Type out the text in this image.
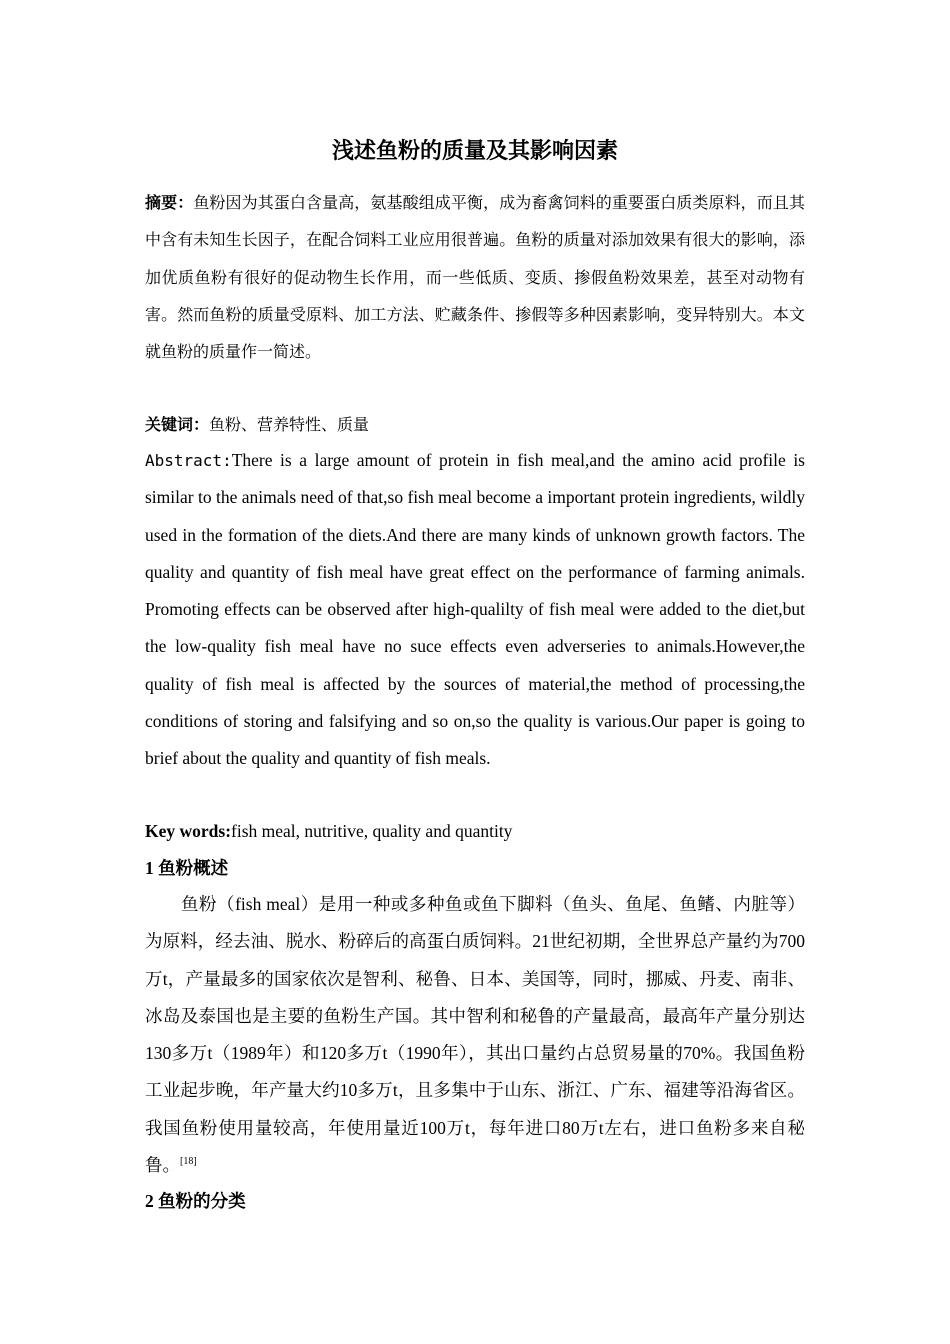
浅述鱼粉的质量及其影响因素

摘要：鱼粉因为其蛋白含量高，氨基酸组成平衡，成为畜禽饲料的重要蛋白质类原料，而且其中含有未知生长因子，在配合饲料工业应用很普遍。鱼粉的质量对添加效果有很大的影响，添加优质鱼粉有很好的促动物生长作用，而一些低质、变质、掺假鱼粉效果差，甚至对动物有害。然而鱼粉的质量受原料、加工方法、贮藏条件、掺假等多种因素影响，变异特别大。本文就鱼粉的质量作一简述。

关键词：鱼粉、营养特性、质量

Abstract:There is a large amount of protein in fish meal,and the amino acid profile is similar to the animals need of that,so fish meal become a important protein ingredients, wildly used in the formation of the diets.And there are many kinds of unknown growth factors. The quality and quantity of fish meal have great effect on the performance of farming animals. Promoting effects can be observed after high-qualilty of fish meal were added to the diet,but the low-quality fish meal have no suce effects even adverseries to animals.However,the quality of fish meal is affected by the sources of material,the method of processing,the conditions of storing and falsifying and so on,so the quality is various.Our paper is going to brief about the quality and quantity of fish meals.

Key words:fish meal, nutritive, quality and quantity

1 鱼粉概述

鱼粉（fish meal）是用一种或多种鱼或鱼下脚料（鱼头、鱼尾、鱼鳍、内脏等）为原料，经去油、脱水、粉碎后的高蛋白质饲料。21世纪初期，全世界总产量约为700万t，产量最多的国家依次是智利、秘鲁、日本、美国等，同时，挪威、丹麦、南非、冰岛及泰国也是主要的鱼粉生产国。其中智利和秘鲁的产量最高，最高年产量分别达130多万t（1989年）和120多万t（1990年），其出口量约占总贸易量的70%。我国鱼粉工业起步晚，年产量大约10多万t，且多集中于山东、浙江、广东、福建等沿海省区。我国鱼粉使用量较高，年使用量近100万t，每年进口80万t左右，进口鱼粉多来自秘鲁。[18]

2 鱼粉的分类
